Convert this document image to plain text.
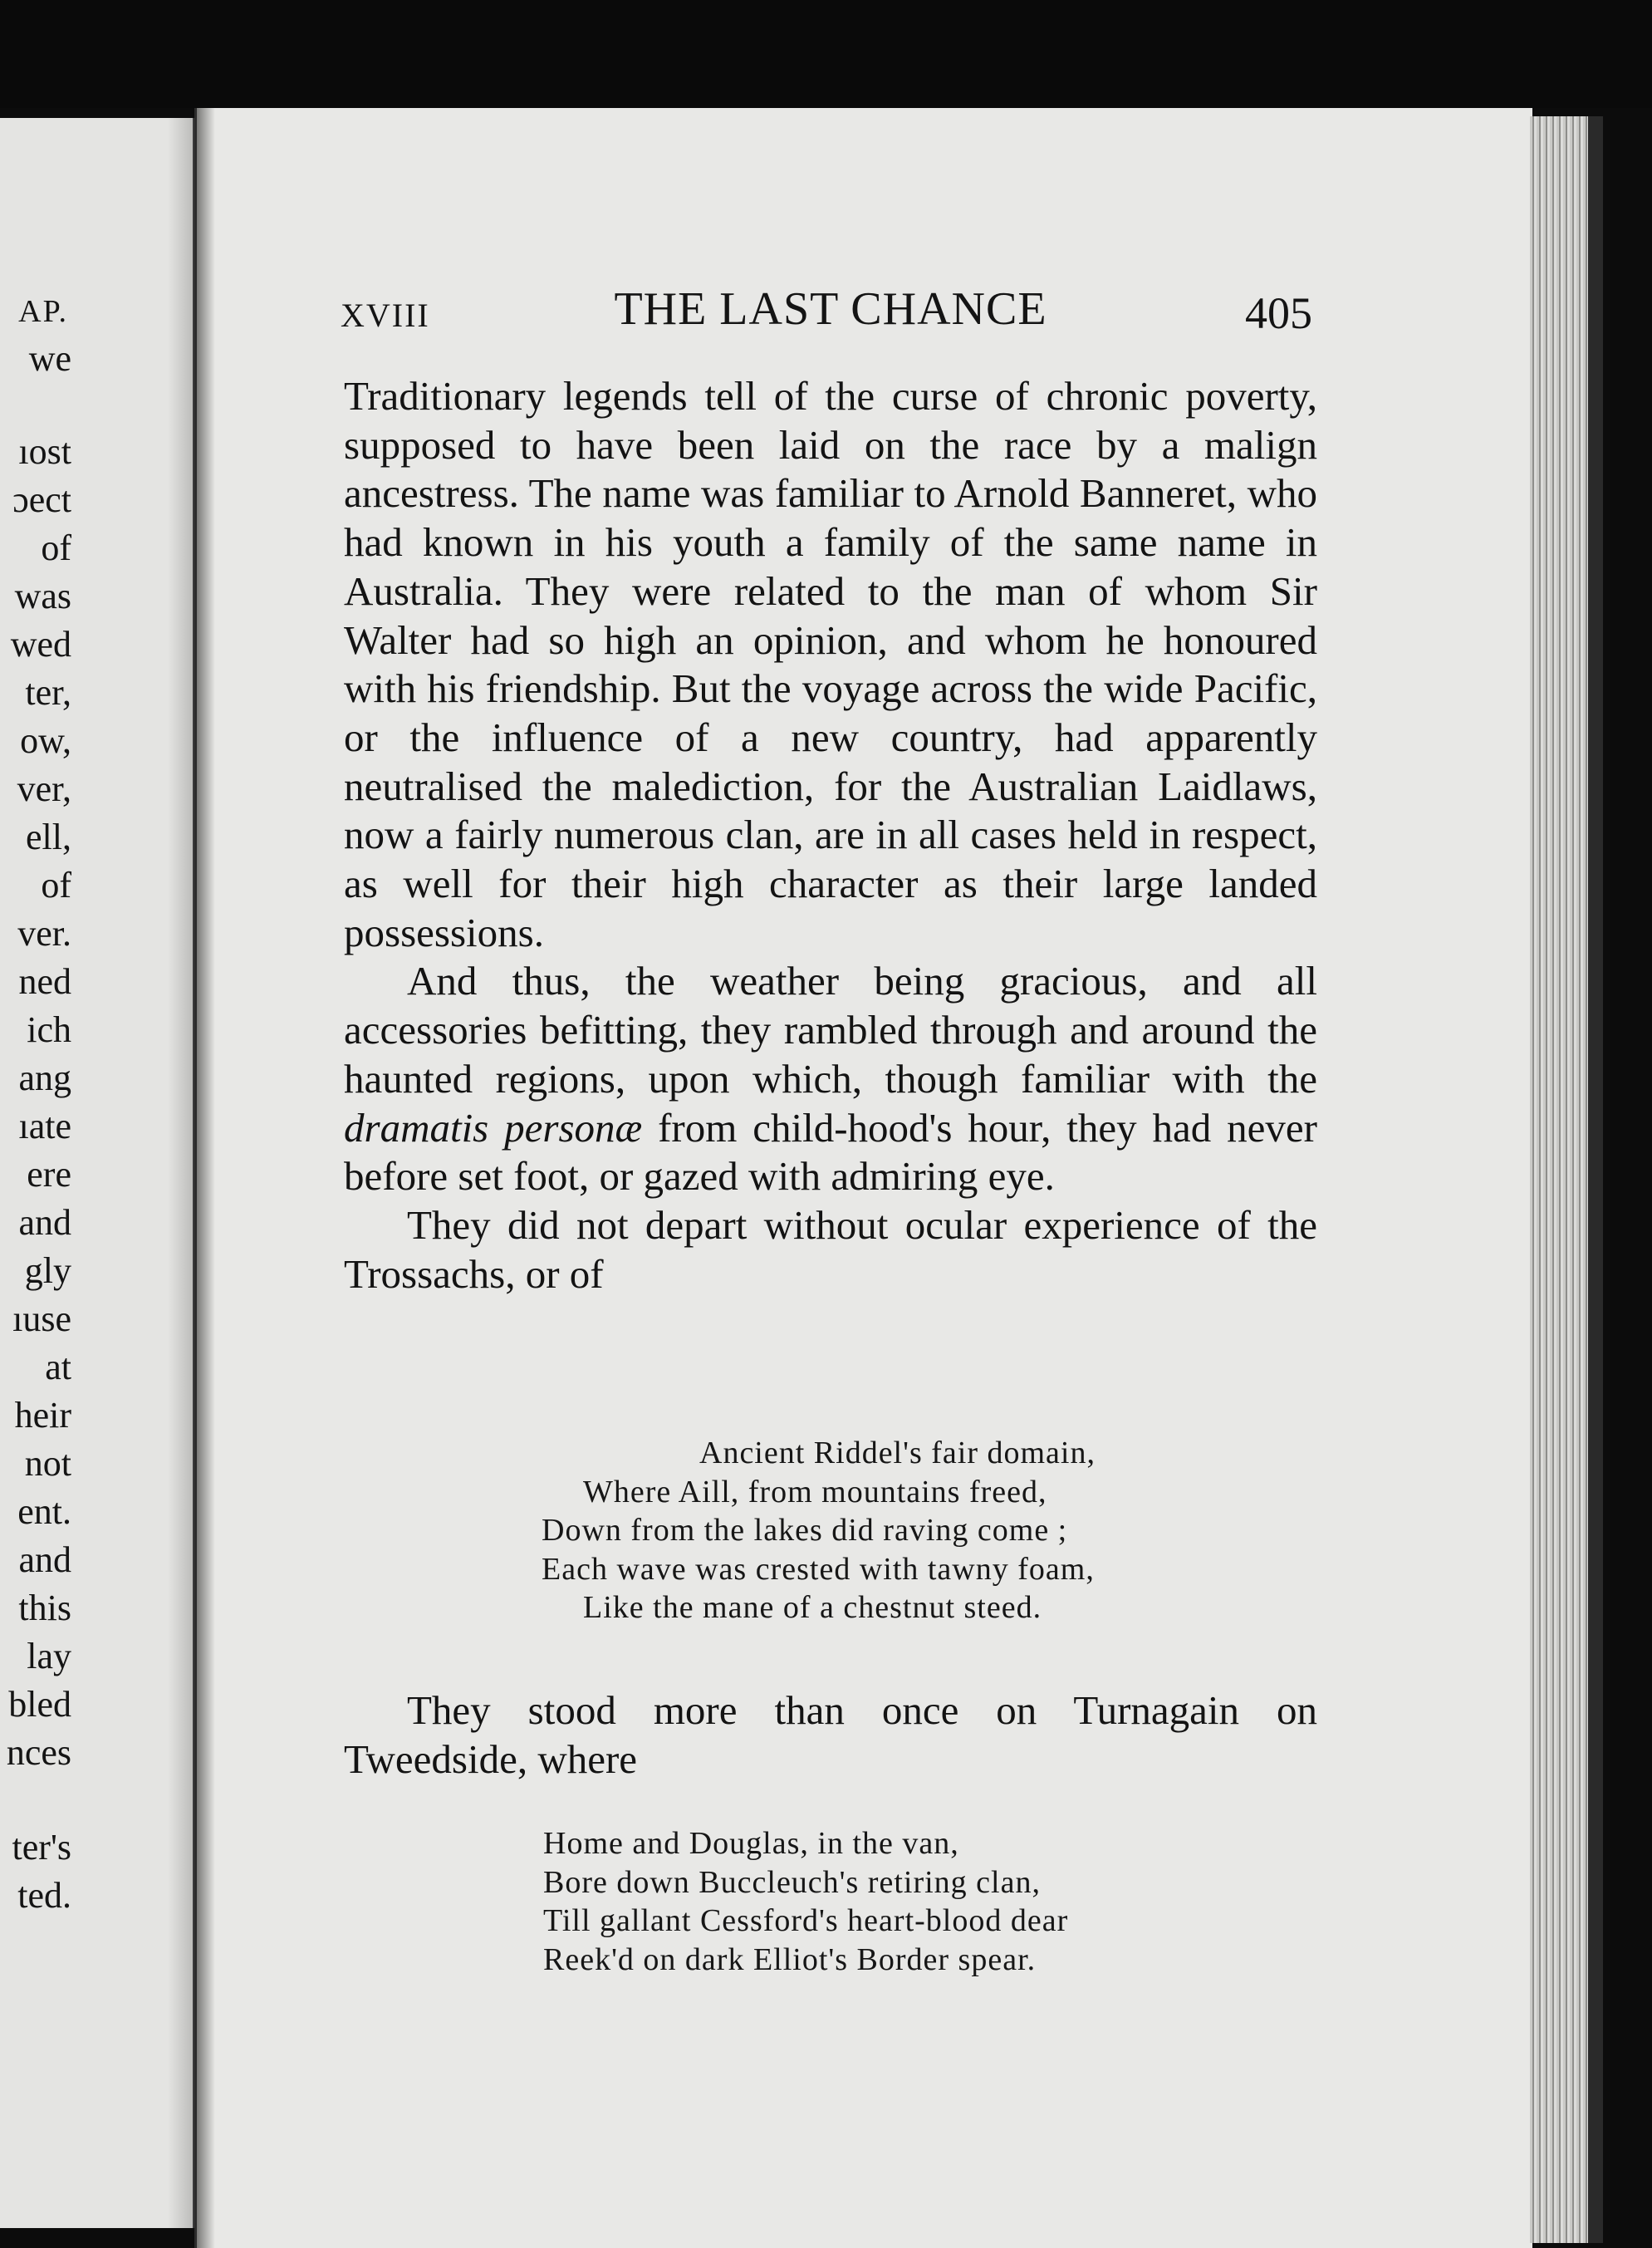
AP.
we
ıost
ɔect
of
was
wed
ter,
ow,
ver,
ell,
of
ver.
ned
ich
ang
ıate
ere
and
gly
ıuse
at
heir
not
ent.
and
this
lay
bled
nces
ter's
ted.
XVIII	THE LAST CHANCE	405

Traditionary legends tell of the curse of chronic poverty, supposed to have been laid on the race by a malign ancestress. The name was familiar to Arnold Banneret, who had known in his youth a family of the same name in Australia. They were related to the man of whom Sir Walter had so high an opinion, and whom he honoured with his friendship. But the voyage across the wide Pacific, or the influence of a new country, had apparently neutralised the malediction, for the Australian Laidlaws, now a fairly numerous clan, are in all cases held in respect, as well for their high character as their large landed possessions.

And thus, the weather being gracious, and all accessories befitting, they rambled through and around the haunted regions, upon which, though familiar with the dramatis personæ from child-hood's hour, they had never before set foot, or gazed with admiring eye.

They did not depart without ocular experience of the Trossachs, or of

Ancient Riddel's fair domain,
Where Aill, from mountains freed,
Down from the lakes did raving come ;
Each wave was crested with tawny foam,
Like the mane of a chestnut steed.

They stood more than once on Turnagain on Tweedside, where

Home and Douglas, in the van,
Bore down Buccleuch's retiring clan,
Till gallant Cessford's heart-blood dear
Reek'd on dark Elliot's Border spear.
